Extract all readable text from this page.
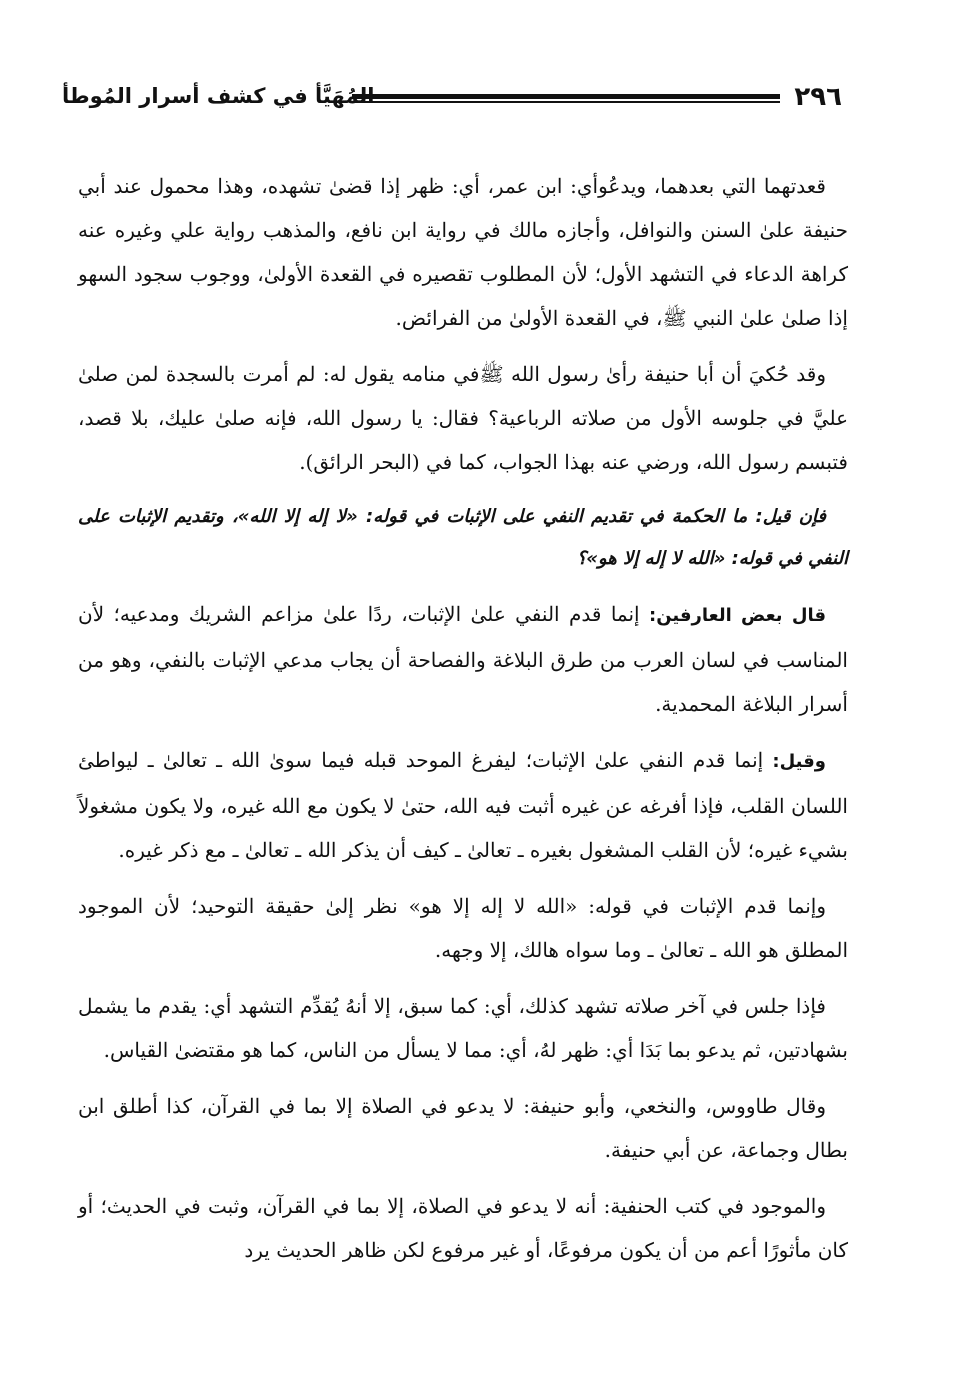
٢٩٦
المُهَيَّأ في كشف أسرار المُوطأ

قعدتهما التي بعدهما، ويدعُوأي: ابن عمر، أي: ظهر إذا قضىٰ تشهده، وهذا محمول عند أبي حنيفة علىٰ السنن والنوافل، وأجازه مالك في رواية ابن نافع، والمذهب رواية علي وغيره عنه كراهة الدعاء في التشهد الأول؛ لأن المطلوب تقصيره في القعدة الأولىٰ، ووجوب سجود السهو إذا صلىٰ علىٰ النبي ﷺ، في القعدة الأولىٰ من الفرائض.

وقد حُكيَ أن أبا حنيفة رأىٰ رسول الله ﷺفي منامه يقول له: لم أمرت بالسجدة لمن صلىٰ عليَّ في جلوسه الأول من صلاته الرباعية؟ فقال: يا رسول الله، فإنه صلىٰ عليك، بلا قصد، فتبسم رسول الله، ورضي عنه بهذا الجواب، كما في (البحر الرائق).

فإن قيل: ما الحكمة في تقديم النفي على الإثبات في قوله: «لا إله إلا الله»، وتقديم الإثبات على النفي في قوله: «الله لا إله إلا هو»؟

قال بعض العارفين: إنما قدم النفي علىٰ الإثبات، ردًا علىٰ مزاعم الشريك ومدعيه؛ لأن المناسب في لسان العرب من طرق البلاغة والفصاحة أن يجاب مدعي الإثبات بالنفي، وهو من أسرار البلاغة المحمدية.

وقيل: إنما قدم النفي علىٰ الإثبات؛ ليفرغ الموحد قبله فيما سوىٰ الله ـ تعالىٰ ـ ليواطئ اللسان القلب، فإذا أفرغه عن غيره أثبت فيه الله، حتىٰ لا يكون مع الله غيره، ولا يكون مشغولاً بشيء غيره؛ لأن القلب المشغول بغيره ـ تعالىٰ ـ كيف أن يذكر الله ـ تعالىٰ ـ مع ذكر غيره.

وإنما قدم الإثبات في قوله: «الله لا إله إلا هو» نظر إلىٰ حقيقة التوحيد؛ لأن الموجود المطلق هو الله ـ تعالىٰ ـ وما سواه هالك، إلا وجهه.

فإذا جلس في آخر صلاته تشهد كذلك، أي: كما سبق، إلا أنهُ يُقدِّم التشهد أي: يقدم ما يشمل بشهادتين، ثم يدعو بما بَدَا أي: ظهر لهُ، أي: مما لا يسأل من الناس، كما هو مقتضىٰ القياس.

وقال طاووس، والنخعي، وأبو حنيفة: لا يدعو في الصلاة إلا بما في القرآن، كذا أطلق ابن بطال وجماعة، عن أبي حنيفة.

والموجود في كتب الحنفية: أنه لا يدعو في الصلاة، إلا بما في القرآن، وثبت في الحديث؛ أو كان مأثورًا أعم من أن يكون مرفوعًا، أو غير مرفوع لكن ظاهر الحديث يرد
